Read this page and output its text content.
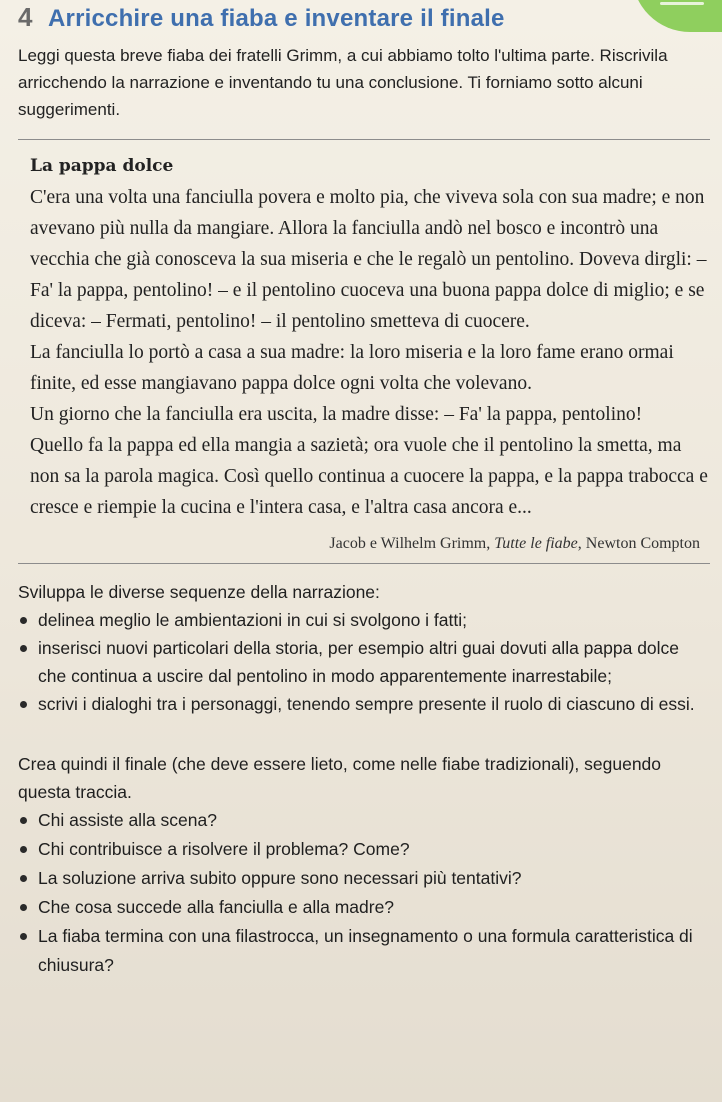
4 Arricchire una fiaba e inventare il finale
Leggi questa breve fiaba dei fratelli Grimm, a cui abbiamo tolto l'ultima parte. Riscrivila arricchendo la narrazione e inventando tu una conclusione. Ti forniamo sotto alcuni suggerimenti.
La pappa dolce

C'era una volta una fanciulla povera e molto pia, che viveva sola con sua madre; e non avevano più nulla da mangiare. Allora la fanciulla andò nel bosco e incontrò una vecchia che già conosceva la sua miseria e che le regalò un pentolino. Doveva dirgli: – Fa' la pappa, pentolino! – e il pentolino cuoceva una buona pappa dolce di miglio; e se diceva: – Fermati, pentolino! – il pentolino smetteva di cuocere.

La fanciulla lo portò a casa a sua madre: la loro miseria e la loro fame erano ormai finite, ed esse mangiavano pappa dolce ogni volta che volevano.

Un giorno che la fanciulla era uscita, la madre disse: – Fa' la pappa, pentolino!

Quello fa la pappa ed ella mangia a sazietà; ora vuole che il pentolino la smetta, ma non sa la parola magica. Così quello continua a cuocere la pappa, e la pappa trabocca e cresce e riempie la cucina e l'intera casa, e l'altra casa ancora e...

Jacob e Wilhelm Grimm, Tutte le fiabe, Newton Compton
Sviluppa le diverse sequenze della narrazione:
delinea meglio le ambientazioni in cui si svolgono i fatti;
inserisci nuovi particolari della storia, per esempio altri guai dovuti alla pappa dolce che continua a uscire dal pentolino in modo apparentemente inarrestabile;
scrivi i dialoghi tra i personaggi, tenendo sempre presente il ruolo di ciascuno di essi.
Crea quindi il finale (che deve essere lieto, come nelle fiabe tradizionali), seguendo questa traccia.
Chi assiste alla scena?
Chi contribuisce a risolvere il problema? Come?
La soluzione arriva subito oppure sono necessari più tentativi?
Che cosa succede alla fanciulla e alla madre?
La fiaba termina con una filastrocca, un insegnamento o una formula caratteristica di chiusura?
